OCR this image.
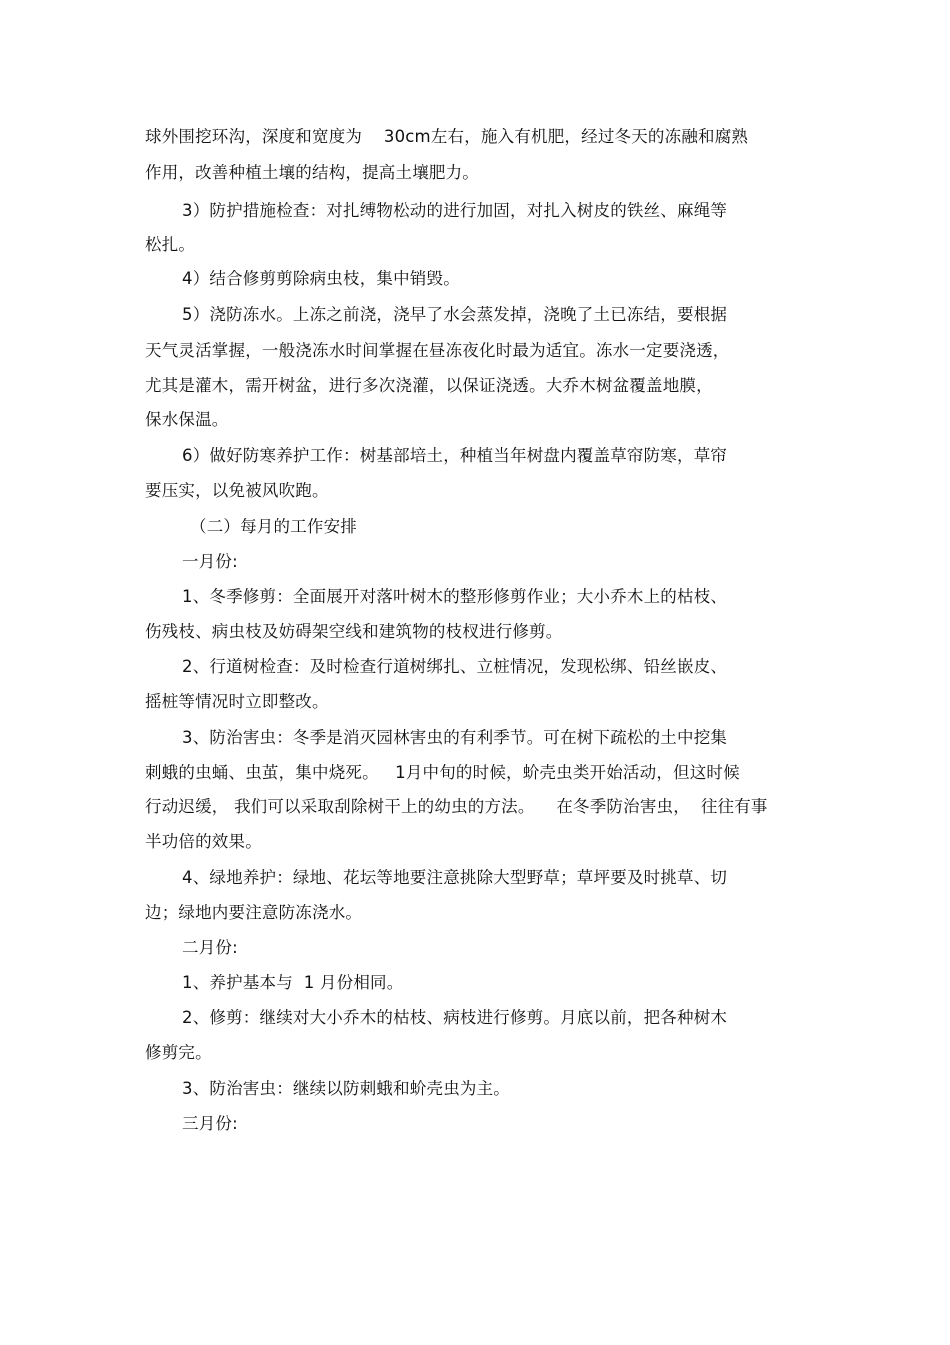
球外围挖环沟，深度和宽度为    30cm左右，施入有机肥，经过冬天的冻融和腐熟
作用，改善种植土壤的结构，提高土壤肥力。
3）防护措施检查：对扎缚物松动的进行加固，对扎入树皮的铁丝、麻绳等
松扎。
4）结合修剪剪除病虫枝，集中销毁。
5）浇防冻水。上冻之前浇，浇早了水会蒸发掉，浇晚了土已冻结，要根据
天气灵活掌握，一般浇冻水时间掌握在昼冻夜化时最为适宜。冻水一定要浇透，
尤其是灌木，需开树盆，进行多次浇灌，以保证浇透。大乔木树盆覆盖地膜，
保水保温。
6）做好防寒养护工作：树基部培土，种植当年树盘内覆盖草帘防寒，草帘
要压实，以免被风吹跑。
（二）每月的工作安排
一月份:
1、冬季修剪：全面展开对落叶树木的整形修剪作业；大小乔木上的枯枝、
伤残枝、病虫枝及妨碍架空线和建筑物的枝杈进行修剪。
2、行道树检查：及时检查行道树绑扎、立桩情况，发现松绑、铅丝嵌皮、
摇桩等情况时立即整改。
3、防治害虫：冬季是消灭园林害虫的有利季节。可在树下疏松的土中挖集
刺蛾的虫蛹、虫茧，集中烧死。   1月中旬的时候，蚧壳虫类开始活动，但这时候
行动迟缓， 我们可以采取刮除树干上的幼虫的方法。    在冬季防治害虫，  往往有事
半功倍的效果。
4、绿地养护：绿地、花坛等地要注意挑除大型野草；草坪要及时挑草、切
边；绿地内要注意防冻浇水。
二月份:
1、养护基本与  1 月份相同。
2、修剪：继续对大小乔木的枯枝、病枝进行修剪。月底以前，把各种树木
修剪完。
3、防治害虫：继续以防刺蛾和蚧壳虫为主。
三月份:
